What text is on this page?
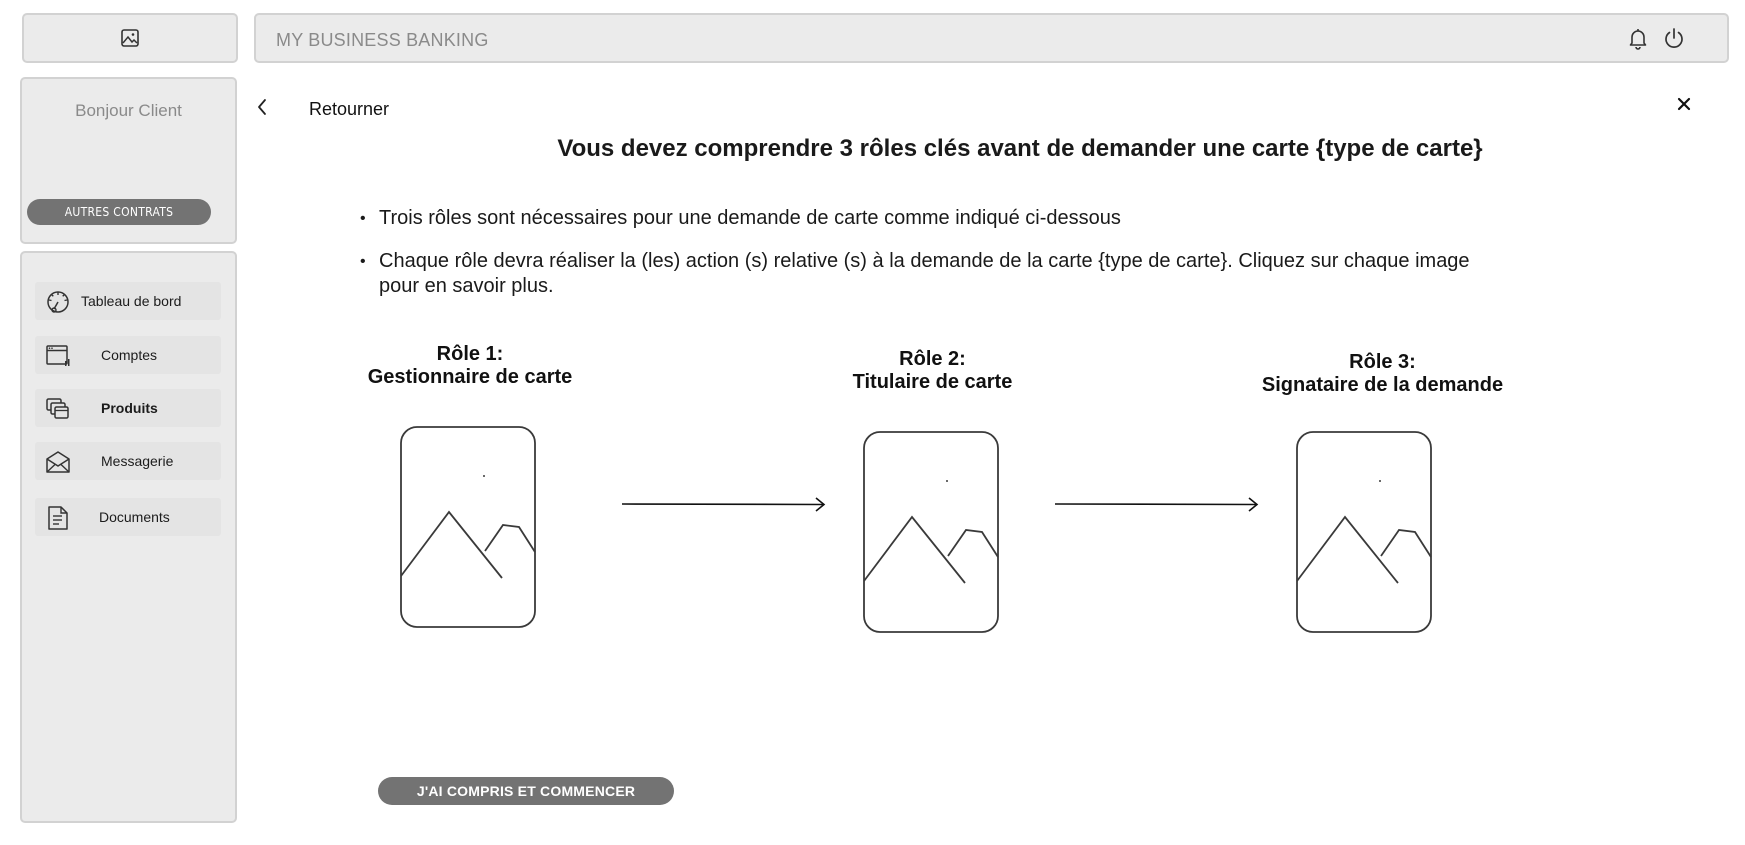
MY BUSINESS BANKING
Bonjour Client
AUTRES CONTRATS
Tableau de bord
Comptes
Produits
Messagerie
Documents
Retourner
Vous devez comprendre 3 rôles clés avant de demander une carte {type de carte}
• Trois rôles sont nécessaires pour une demande de carte comme indiqué ci-dessous
• Chaque rôle devra réaliser la (les) action (s) relative (s) à la demande de la carte {type de carte}. Cliquez sur chaque image pour en savoir plus.
Rôle 1:
Gestionnaire de carte
Rôle 2:
Titulaire de carte
Rôle 3:
Signataire de la demande
J'AI COMPRIS ET COMMENCER
